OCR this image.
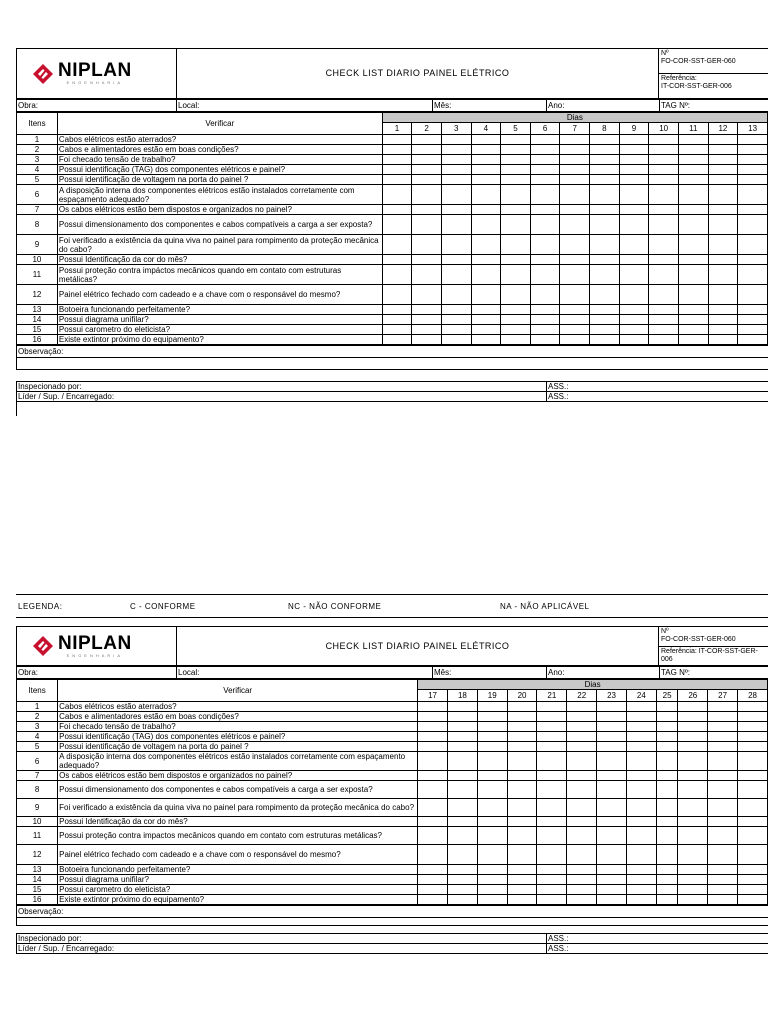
NIPLAN
ENGENHARIA
	CHECK LIST DIARIO PAINEL ELÉTRICO	
Nº
FO-COR-SST-GER-060

Referência:
IT-COR-SST-GER-006
Obra:	Local:	Mês:	Ano:	TAG Nº:
Itens	Verificar	Dias												
		1	2	3	4	5	6	7	8	9	10	11	12	13
1	Cabos elétricos estão aterrados?													
2	Cabos e alimentadores estão em boas condições?													
3	Foi checado tensão de trabalho?													
4	Possui identificação (TAG) dos componentes elétricos e painel?													
5	Possui identificação de voltagem na porta do painel ?													
6	A disposição interna dos componentes elétricos estão instalados corretamente com espaçamento adequado?													
7	Os cabos elétricos estão bem dispostos e organizados no painel?													
8	Possui dimensionamento dos componentes e cabos compatíveis a carga a ser exposta?													
9	Foi verificado a existência da quina viva no painel para rompimento da proteção mecânica do cabo?													
10	Possui Identificação da cor do mês?													
11	Possui proteção contra impáctos mecânicos quando em contato com estruturas metálicas?													
12	Painel elétrico fechado com cadeado e a chave com o responsável do mesmo?													
13	Botoeira funcionando perfeitamente?													
14	Possui diagrama unifilar?													
15	Possui carometro do eleticista?													
16	Existe extintor próximo do equipamento?													
Observação:	

Inspecionado por:	ASS.:
Líder / Sup. / Encarregado:	ASS.:
LEGENDA:	C - CONFORME	NC - NÃO CONFORME	NA - NÃO APLICÁVEL
NIPLAN
ENGENHARIA
	CHECK LIST DIARIO PAINEL ELÉTRICO	
Nº
FO-COR-SST-GER-060

Referência: IT-COR-SST-GER-006
Obra:	Local:	Mês:	Ano:	TAG Nº:
Itens	Verificar	Dias											
		17	18	19	20	21	22	23	24	25	26	27	28
1	Cabos elétricos estão aterrados?												
2	Cabos e alimentadores estão em boas condições?												
3	Foi checado tensão de trabalho?												
4	Possui identificação (TAG) dos componentes elétricos e painel?												
5	Possui identificação de voltagem na porta do painel ?												
6	A disposição interna dos componentes elétricos estão instalados corretamente com espaçamento adequado?												
7	Os cabos elétricos estão bem dispostos e organizados no painel?												
8	Possui dimensionamento dos componentes e cabos compatíveis a carga a ser exposta?												
9	Foi verificado a existência da quina viva no painel para rompimento da proteção mecânica do cabo?												
10	Possui Identificação da cor do mês?												
11	Possui proteção contra impactos mecânicos quando em contato com estruturas metálicas?												
12	Painel elétrico fechado com cadeado e a chave com o responsável do mesmo?												
13	Botoeira funcionando perfeitamente?												
14	Possui diagrama unifilar?												
15	Possui carometro do eleticista?												
16	Existe extintor próximo do equipamento?												
Observação:	

Inspecionado por:	ASS.:
Líder / Sup. / Encarregado:	ASS.:
